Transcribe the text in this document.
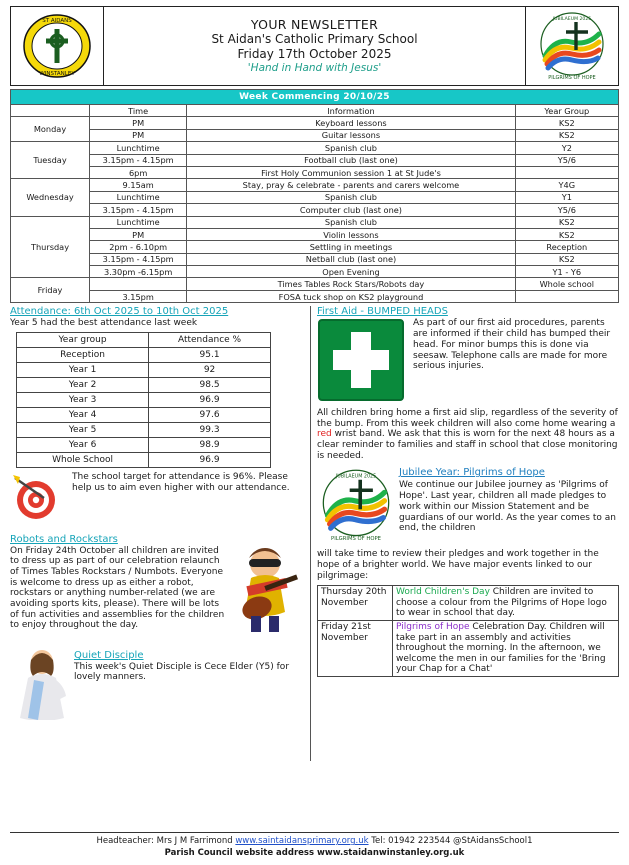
ST AIDANS
WINSTANLEY
YOUR NEWSLETTER
St Aidan's Catholic Primary School
Friday 17th October 2025
'Hand in Hand with Jesus'
JUBILAEUM 2025
PILGRIMS OF HOPE
Week Commencing 20/10/25			
	Time	Information	Year Group
Monday	PM	Keyboard lessons	KS2
	PM	Guitar lessons	KS2
Tuesday	Lunchtime	Spanish club	Y2
	3.15pm - 4.15pm	Football club (last one)	Y5/6
	6pm	First Holy Communion session 1 at St Jude's	
Wednesday	9.15am	Stay, pray & celebrate - parents and carers welcome	Y4G
	Lunchtime	Spanish club	Y1
	3.15pm - 4.15pm	Computer club (last one)	Y5/6
Thursday	Lunchtime	Spanish club	KS2
	PM	Violin lessons	KS2
	2pm - 6.10pm	Settling in meetings	Reception
	3.15pm - 4.15pm	Netball club (last one)	KS2
	3.30pm -6.15pm	Open Evening	Y1 - Y6
Friday		Times Tables Rock Stars/Robots day	Whole school
	3.15pm	FOSA tuck shop on KS2 playground	
Attendance: 6th Oct 2025 to 10th Oct 2025
Year 5 had the best attendance last week
Year group	Attendance %
Reception	95.1
Year 1	92
Year 2	98.5
Year 3	96.9
Year 4	97.6
Year 5	99.3
Year 6	98.9
Whole School	96.9
The school target for attendance is 96%. Please help us to aim even higher with our attendance.
Robots and Rockstars
On Friday 24th October all children are invited to dress up as part of our celebration relaunch of Times Tables Rockstars / Numbots. Everyone is welcome to dress up as either a robot, rockstars or anything number-related (we are avoiding sports kits, please). There will be lots of fun activities and assemblies for the children to enjoy throughout the day.
Quiet Disciple
This week's Quiet Disciple is Cece Elder (Y5) for lovely manners.
First Aid - BUMPED HEADS
As part of our first aid procedures, parents are informed if their child has bumped their head. For minor bumps this is done via seesaw. Telephone calls are made for more serious injuries.
All children bring home a first aid slip, regardless of the severity of the bump. From this week children will also come home wearing a red wrist band. We ask that this is worn for the next 48 hours as a clear reminder to families and staff in school that close monitoring is needed.
JUBILAEUM 2025
PILGRIMS OF HOPE
Jubilee Year: Pilgrims of Hope
We continue our Jubilee journey as 'Pilgrims of Hope'. Last year, children all made pledges to work within our Mission Statement and be guardians of our world. As the year comes to an end, the children
will take time to review their pledges and work together in the hope of a brighter world. We have major events linked to our pilgrimage:
Thursday 20th November	World Children's Day Children are invited to choose a colour from the Pilgrims of Hope logo to wear in school that day.
Friday 21st November	Pilgrims of Hope Celebration Day. Children will take part in an assembly and activities throughout the morning. In the afternoon, we welcome the men in our families for the 'Bring your Chap for a Chat'
Headteacher: Mrs J M Farrimond www.saintaidansprimary.org.uk Tel: 01942 223544 @StAidansSchool1
Parish Council website address www.staidanwinstanley.org.uk
